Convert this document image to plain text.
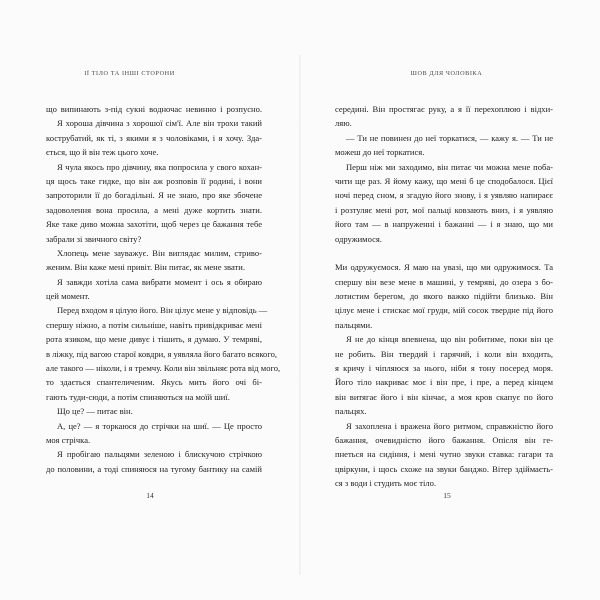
ІЇ ТІЛО ТА ІНШІ СТОРОНИ
що випинають з-під сукні водночас невинно і розпусно.
Я хороша дівчина з хорошої сім'ї. Але він трохи такий
кострубатий, як ті, з якими я з чоловіками, і я хочу. Зда-
ється, що й він теж цього хоче.
Я чула якось про дівчину, яка попросила у свого кохан-
ця щось таке гидке, що він аж розповів її родині, і вони
запроторили її до богадільні. Я не знаю, про яке збочене
задоволення вона просила, а мені дуже кортить знати.
Яке таке диво можна захотіти, щоб через це бажання тебе
забрали зі звичного світу?
Хлопець мене зауважує. Він виглядає милим, стриво-
женим. Він каже мені привіт. Він питає, як мене звати.
Я завжди хотіла сама вибрати момент і ось я обираю
цей момент.
Перед входом я цілую його. Він цілує мене у відповідь —
спершу ніжно, а потім сильніше, навіть привідкриває мені
рота язиком, що мене дивує і тішить, я думаю. У темряві,
в ліжку, під вагою старої ковдри, я уявляла його багато всякого,
але такого — ніколи, і я тремчу. Коли він звільняє рота від мого,
то здається спантеличеним. Якусь мить його очі бі-
гають туди-сюди, а потім спиняються на моїй шиї.
Що це? — питає він.
А, це? — я торкаюся до стрічки на шиї. — Це просто
моя стрічка.
Я пробігаю пальцями зеленою і блискучою стрічкою
до половини, а тоді спиняюся на тугому бантику на самій
14
ШОВ ДЛЯ ЧОЛОВІКА
середині. Він простягає руку, а я її перехоплюю і відхи-
ляю.
— Ти не повинен до неї торкатися, — кажу я. — Ти не
можеш до неї торкатися.
Перш ніж ми заходимо, він питає чи можна мене поба-
чити ще раз. Я йому кажу, що мені б це сподобалося. Цієї
ночі перед сном, я згадую його знову, і я уявляю напираєє
і розтуляє мені рот, мої пальці ковзають вниз, і я уявляю
його там — в напруженні і бажанні — і я знаю, що ми
одружимося.
Ми одружуємося. Я маю на увазі, що ми одружимося. Та
спершу він везе мене в машині, у темряві, до озера з бо-
лотистим берегом, до якого важко підійти близько. Він
цілує мене і стискає мої груди, мій сосок твердне під його
пальцями.
Я не до кінця впевнена, що він робитиме, поки він це
не робить. Він твердий і гарячий, і коли він входить,
я кричу і чіпляюся за нього, ніби я тону посеред моря.
Його тіло накриває моє і він пре, і пре, а перед кінцем
він витягає його і він кінчає, а моя кров скапує по його
пальцях.
Я захоплена і вражена його ритмом, справжністю його
бажання, очевидністю його бажання. Опісля він ге-
пнеться на сидіння, і мені чутно звуки ставка: гагари та
цвіркуни, і щось схоже на звуки банджо. Вітер здіймаєть-
ся з води і студить моє тіло.
15
